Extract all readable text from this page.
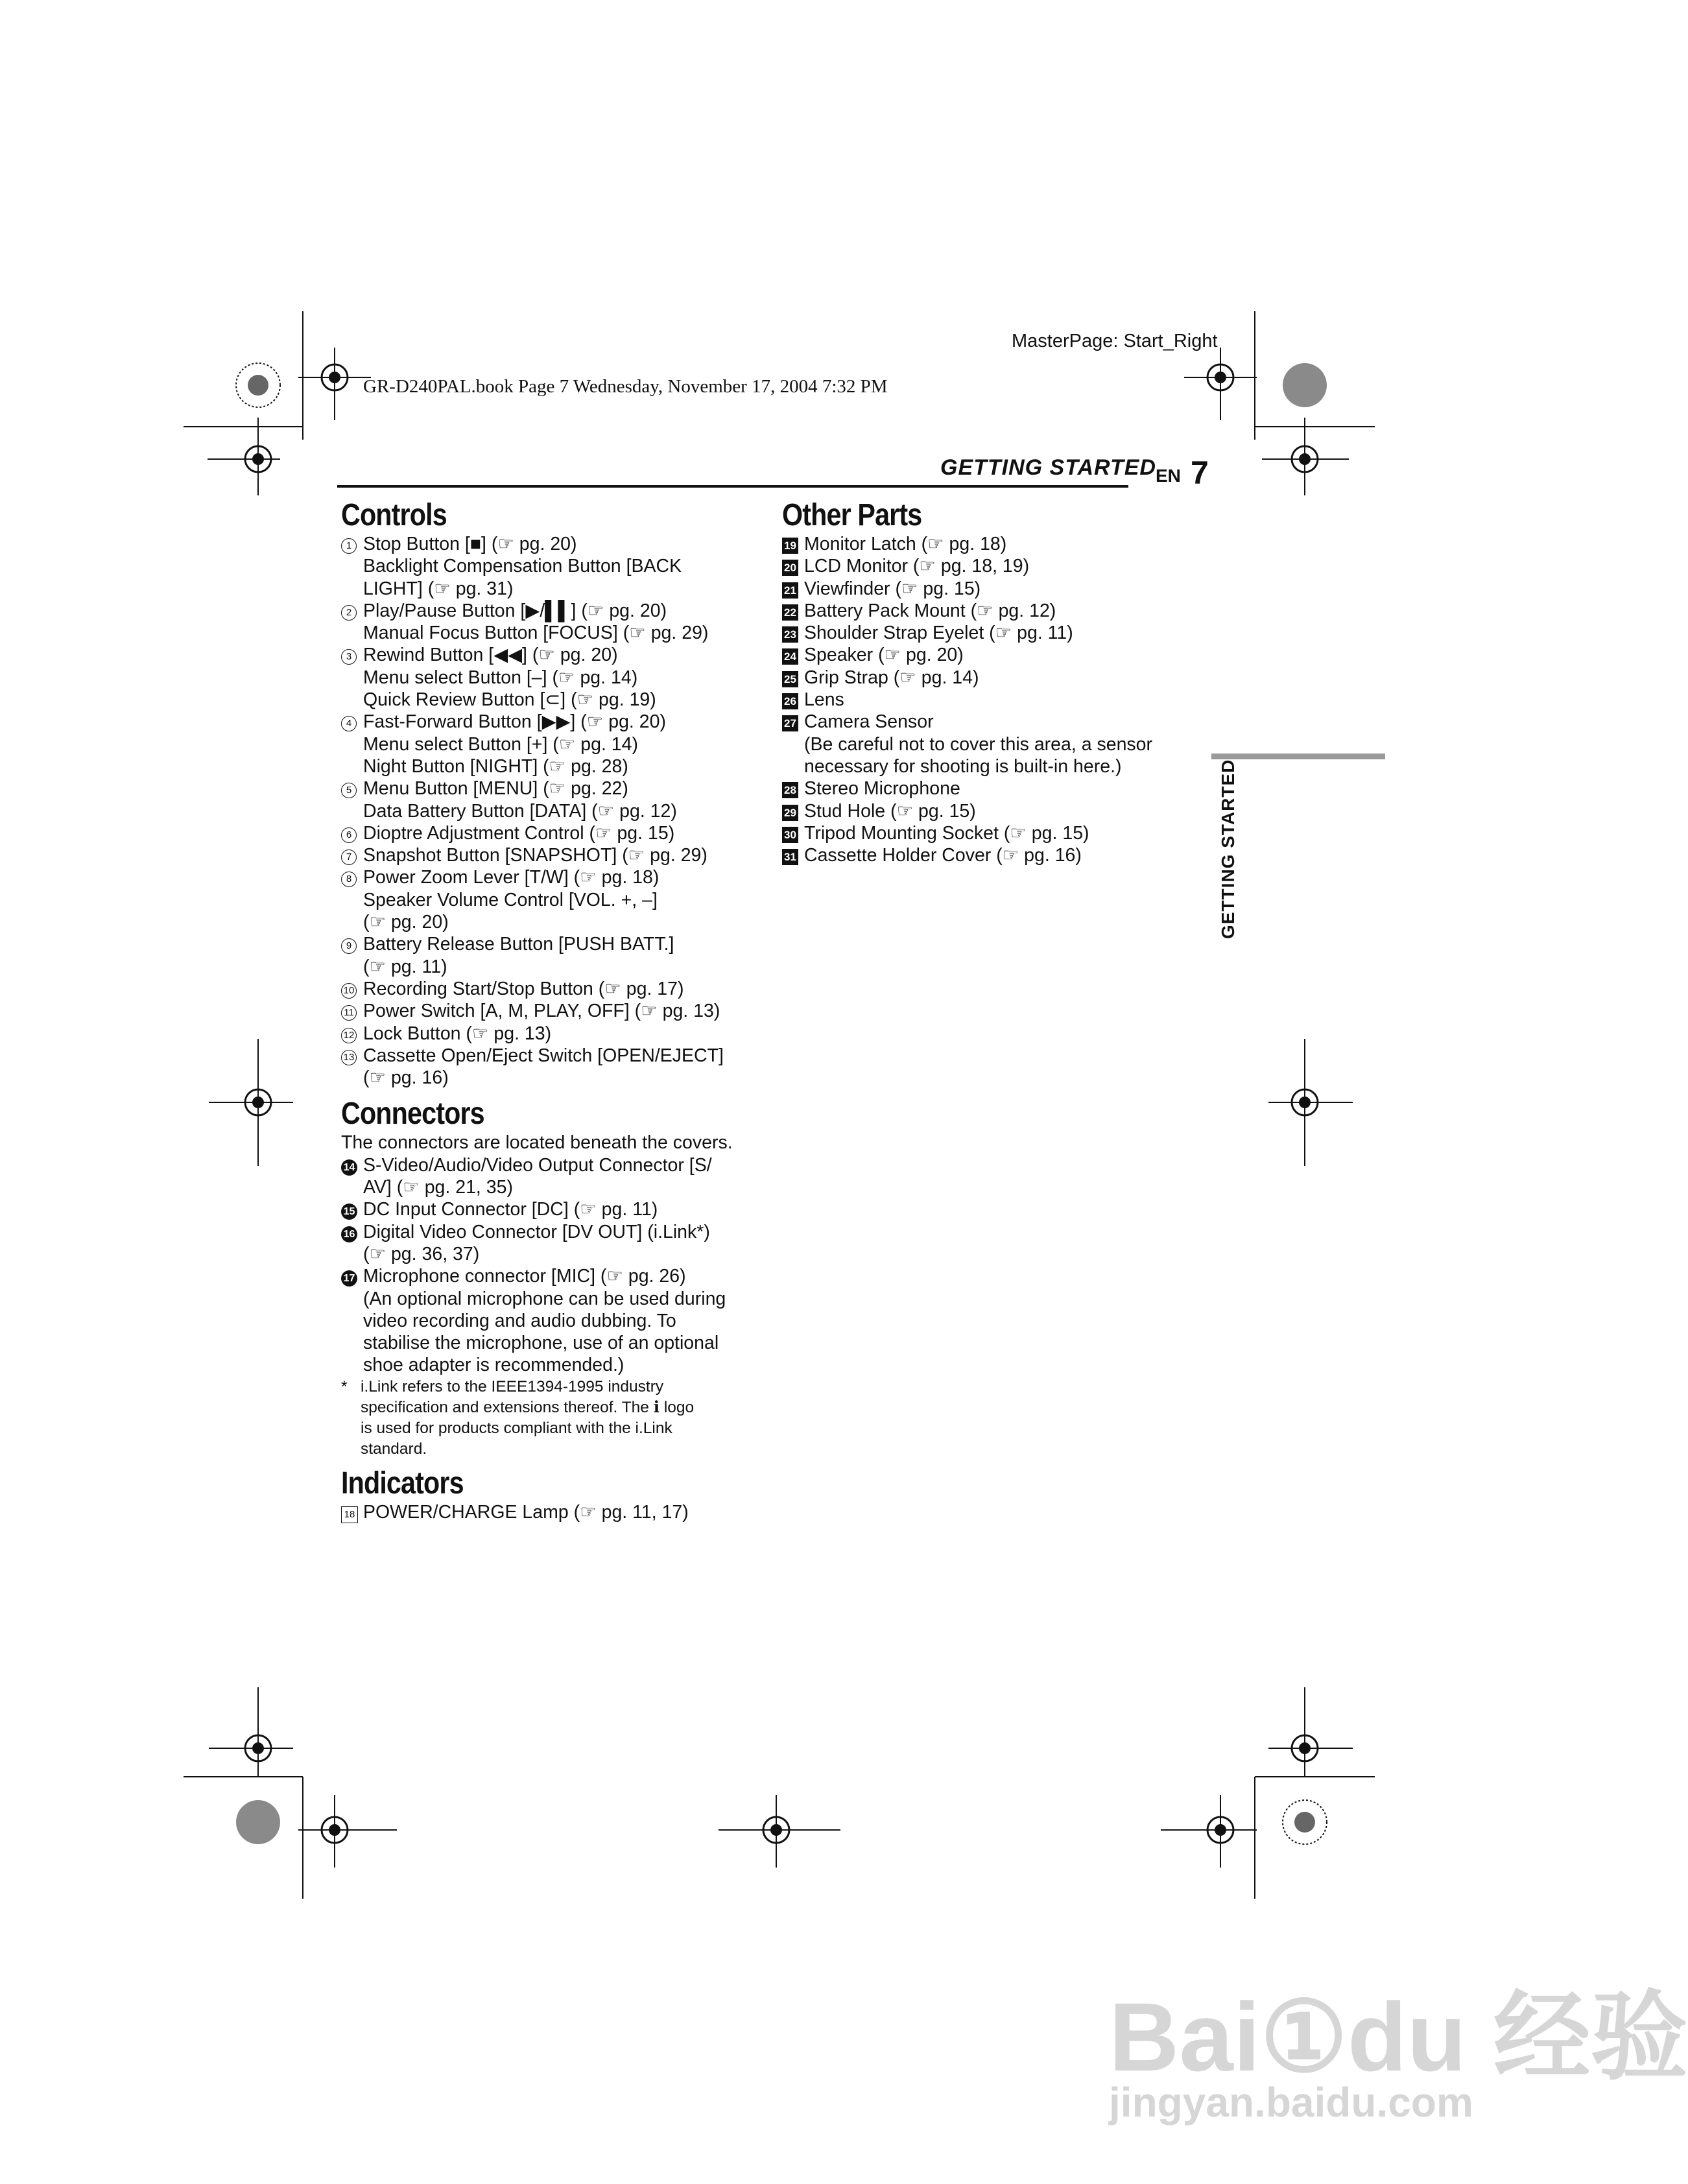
MasterPage: Start_Right
GR-D240PAL.book Page 7 Wednesday, November 17, 2004 7:32 PM
GETTING STARTED EN 7
GETTING STARTED
Controls
1 Stop Button [■] (☞ pg. 20)
Backlight Compensation Button [BACK
LIGHT] (☞ pg. 31)
2 Play/Pause Button [▶/▌▌] (☞ pg. 20)
Manual Focus Button [FOCUS] (☞ pg. 29)
3 Rewind Button [◀◀] (☞ pg. 20)
Menu select Button [–] (☞ pg. 14)
Quick Review Button [⊂] (☞ pg. 19)
4 Fast-Forward Button [▶▶] (☞ pg. 20)
Menu select Button [+] (☞ pg. 14)
Night Button [NIGHT] (☞ pg. 28)
5 Menu Button [MENU] (☞ pg. 22)
Data Battery Button [DATA] (☞ pg. 12)
6 Dioptre Adjustment Control (☞ pg. 15)
7 Snapshot Button [SNAPSHOT] (☞ pg. 29)
8 Power Zoom Lever [T/W] (☞ pg. 18)
Speaker Volume Control [VOL. +, –]
(☞ pg. 20)
9 Battery Release Button [PUSH BATT.]
(☞ pg. 11)
10 Recording Start/Stop Button (☞ pg. 17)
11 Power Switch [A, M, PLAY, OFF] (☞ pg. 13)
12 Lock Button (☞ pg. 13)
13 Cassette Open/Eject Switch [OPEN/EJECT]
(☞ pg. 16)
Connectors
The connectors are located beneath the covers.
14 S-Video/Audio/Video Output Connector [S/
AV] (☞ pg. 21, 35)
15 DC Input Connector [DC] (☞ pg. 11)
16 Digital Video Connector [DV OUT] (i.Link*)
(☞ pg. 36, 37)
17 Microphone connector [MIC] (☞ pg. 26)
(An optional microphone can be used during
video recording and audio dubbing. To
stabilise the microphone, use of an optional
shoe adapter is recommended.)
* i.Link refers to the IEEE1394-1995 industry
specification and extensions thereof. The ℹ logo
is used for products compliant with the i.Link
standard.
Indicators
18 POWER/CHARGE Lamp (☞ pg. 11, 17)
Other Parts
19 Monitor Latch (☞ pg. 18)
20 LCD Monitor (☞ pg. 18, 19)
21 Viewfinder (☞ pg. 15)
22 Battery Pack Mount (☞ pg. 12)
23 Shoulder Strap Eyelet (☞ pg. 11)
24 Speaker (☞ pg. 20)
25 Grip Strap (☞ pg. 14)
26 Lens
27 Camera Sensor
(Be careful not to cover this area, a sensor
necessary for shooting is built-in here.)
28 Stereo Microphone
29 Stud Hole (☞ pg. 15)
30 Tripod Mounting Socket (☞ pg. 15)
31 Cassette Holder Cover (☞ pg. 16)
Bai①du 经验
jingyan.baidu.com
